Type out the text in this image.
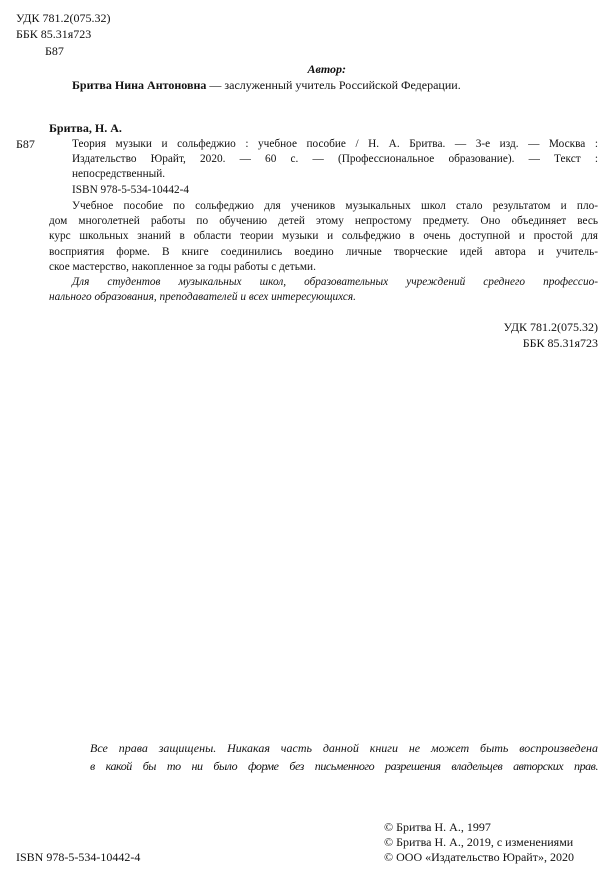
УДК 781.2(075.32)
ББК 85.31я723
Б87
Автор:
Бритва Нина Антоновна — заслуженный учитель Российской Федерации.
Б87
Бритва, Н. А.
Теория музыки и сольфеджио : учебное пособие / Н. А. Бритва. — 3-е изд. — Москва :
Издательство Юрайт, 2020. — 60 с. — (Профессиональное образование). — Текст :
непосредственный.
ISBN 978-5-534-10442-4
Учебное пособие по сольфеджио для учеников музыкальных школ стало результатом и пло-
дом многолетней работы по обучению детей этому непростому предмету. Оно объединяет весь
курс школьных знаний в области теории музыки и сольфеджио в очень доступной и простой для
восприятия форме. В книге соединились воедино личные творческие идей автора и учитель-
ское мастерство, накопленное за годы работы с детьми.
Для студентов музыкальных школ, образовательных учреждений среднего профессио-
нального образования, преподавателей и всех интересующихся.
УДК 781.2(075.32)
ББК 85.31я723
Все права защищены. Никакая часть данной книги не может быть воспроизведена
в какой бы то ни было форме без письменного разрешения владельцев авторских прав.
ISBN 978-5-534-10442-4
© Бритва Н. А., 1997
© Бритва Н. А., 2019, с изменениями
© ООО «Издательство Юрайт», 2020
